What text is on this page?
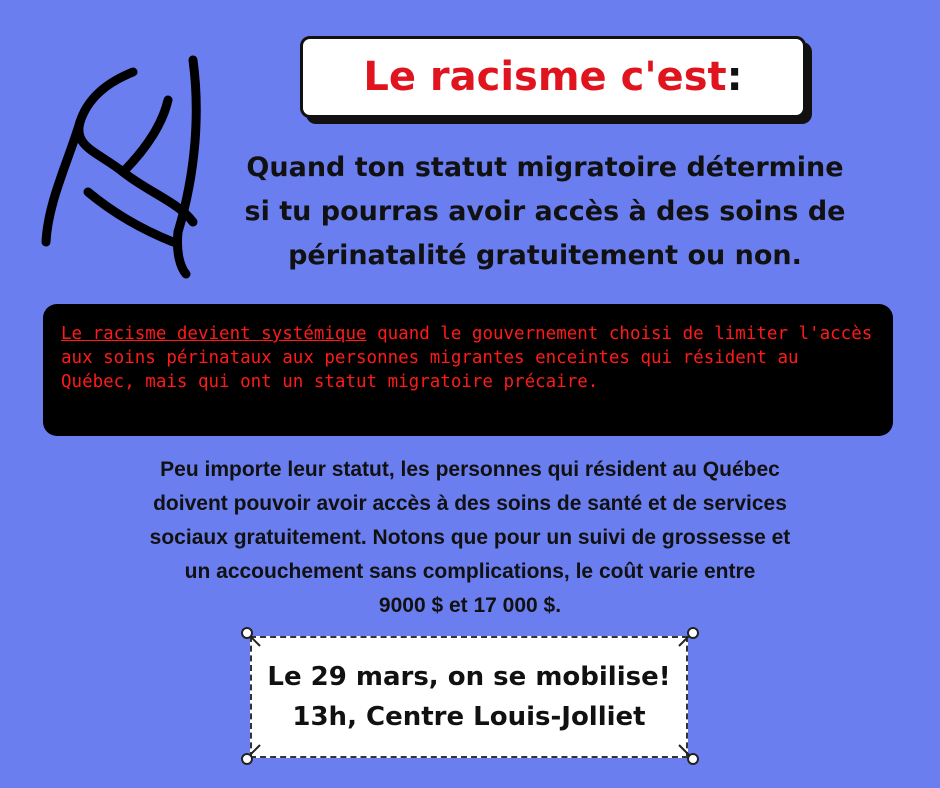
Le racisme c'est:
Quand ton statut migratoire détermine
si tu pourras avoir accès à des soins de
périnatalité gratuitement ou non.
Le racisme devient systémique quand le gouvernement choisi de limiter l'accès aux soins périnataux aux personnes migrantes enceintes qui résident au Québec, mais qui ont un statut migratoire précaire.
Peu importe leur statut, les personnes qui résident au Québec
doivent pouvoir avoir accès à des soins de santé et de services
sociaux gratuitement. Notons que pour un suivi de grossesse et
un accouchement sans complications, le coût varie entre
9000 $ et 17 000 $.
Le 29 mars, on se mobilise!
13h, Centre Louis-Jolliet
